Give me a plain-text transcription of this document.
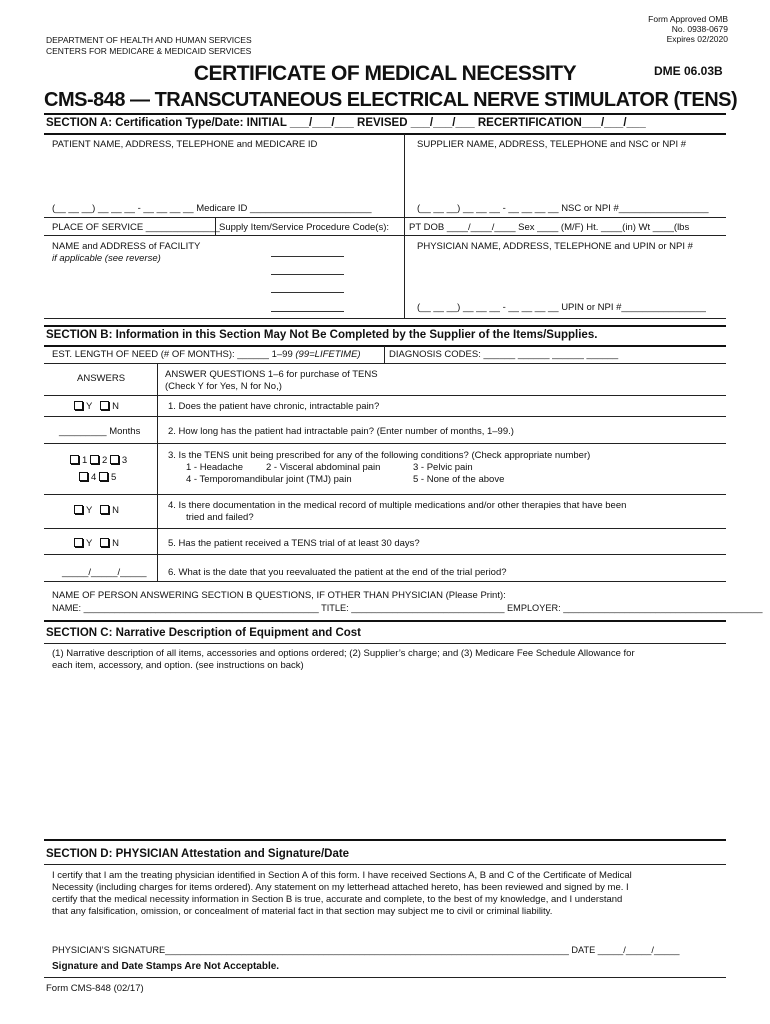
Form Approved OMB
No. 0938-0679
Expires 02/2020
DEPARTMENT OF HEALTH AND HUMAN SERVICES
CENTERS FOR MEDICARE & MEDICAID SERVICES
CERTIFICATE OF MEDICAL NECESSITY	DME 06.03B
CMS-848 — TRANSCUTANEOUS ELECTRICAL NERVE STIMULATOR (TENS)
SECTION A: Certification Type/Date: INITIAL ___/___/___ REVISED ___/___/___ RECERTIFICATION___/___/___
PATIENT NAME, ADDRESS, TELEPHONE and MEDICARE ID	SUPPLIER NAME, ADDRESS, TELEPHONE and NSC or NPI #
(__ __ __) __ __ __ - __ __ __ __ Medicare ID _______________________	(__ __ __) __ __ __ - __ __ __ __ NSC or NPI #_________________
PLACE OF SERVICE ______________ Supply Item/Service Procedure Code(s): PT DOB ____/____/____ Sex ____ (M/F) Ht. ____(in) Wt ____(lbs
NAME and ADDRESS of FACILITY
if applicable (see reverse)
PHYSICIAN NAME, ADDRESS, TELEPHONE and UPIN or NPI #
(__ __ __) __ __ __ - __ __ __ __ UPIN or NPI #________________
SECTION B: Information in this Section May Not Be Completed by the Supplier of the Items/Supplies.
EST. LENGTH OF NEED (# OF MONTHS): ______ 1–99 (99=LIFETIME)	DIAGNOSIS CODES: ______ ______ ______ ______
ANSWERS	ANSWER QUESTIONS 1–6 for purchase of TENS
(Check Y for Yes, N for No,)
Y N	1. Does the patient have chronic, intractable pain?
_________ Months	2. How long has the patient had intractable pain? (Enter number of months, 1–99.)
1 2 3
4 5
3. Is the TENS unit being prescribed for any of the following conditions? (Check appropriate number)
1 - Headache 2 - Visceral abdominal pain	3 - Pelvic pain
4 - Temporomandibular joint (TMJ) pain	5 - None of the above
Y N	4. Is there documentation in the medical record of multiple medications and/or other therapies that have been
tried and failed?
Y N	5. Has the patient received a TENS trial of at least 30 days?
_____/_____/_____ 6. What is the date that you reevaluated the patient at the end of the trial period?
NAME OF PERSON ANSWERING SECTION B QUESTIONS, IF OTHER THAN PHYSICIAN (Please Print):
NAME: ______________________________________________ TITLE: ______________________________ EMPLOYER: _______________________________________
SECTION C: Narrative Description of Equipment and Cost
(1) Narrative description of all items, accessories and options ordered; (2) Supplier’s charge; and (3) Medicare Fee Schedule Allowance for
each item, accessory, and option. (see instructions on back)
SECTION D: PHYSICIAN Attestation and Signature/Date
I certify that I am the treating physician identified in Section A of this form. I have received Sections A, B and C of the Certificate of Medical
Necessity (including charges for items ordered). Any statement on my letterhead attached hereto, has been reviewed and signed by me. I
certify that the medical necessity information in Section B is true, accurate and complete, to the best of my knowledge, and I understand
that any falsification, omission, or concealment of material fact in that section may subject me to civil or criminal liability.
PHYSICIAN’S SIGNATURE_______________________________________________________________________________ DATE _____/_____/_____
Signature and Date Stamps Are Not Acceptable.
Form CMS-848 (02/17)
